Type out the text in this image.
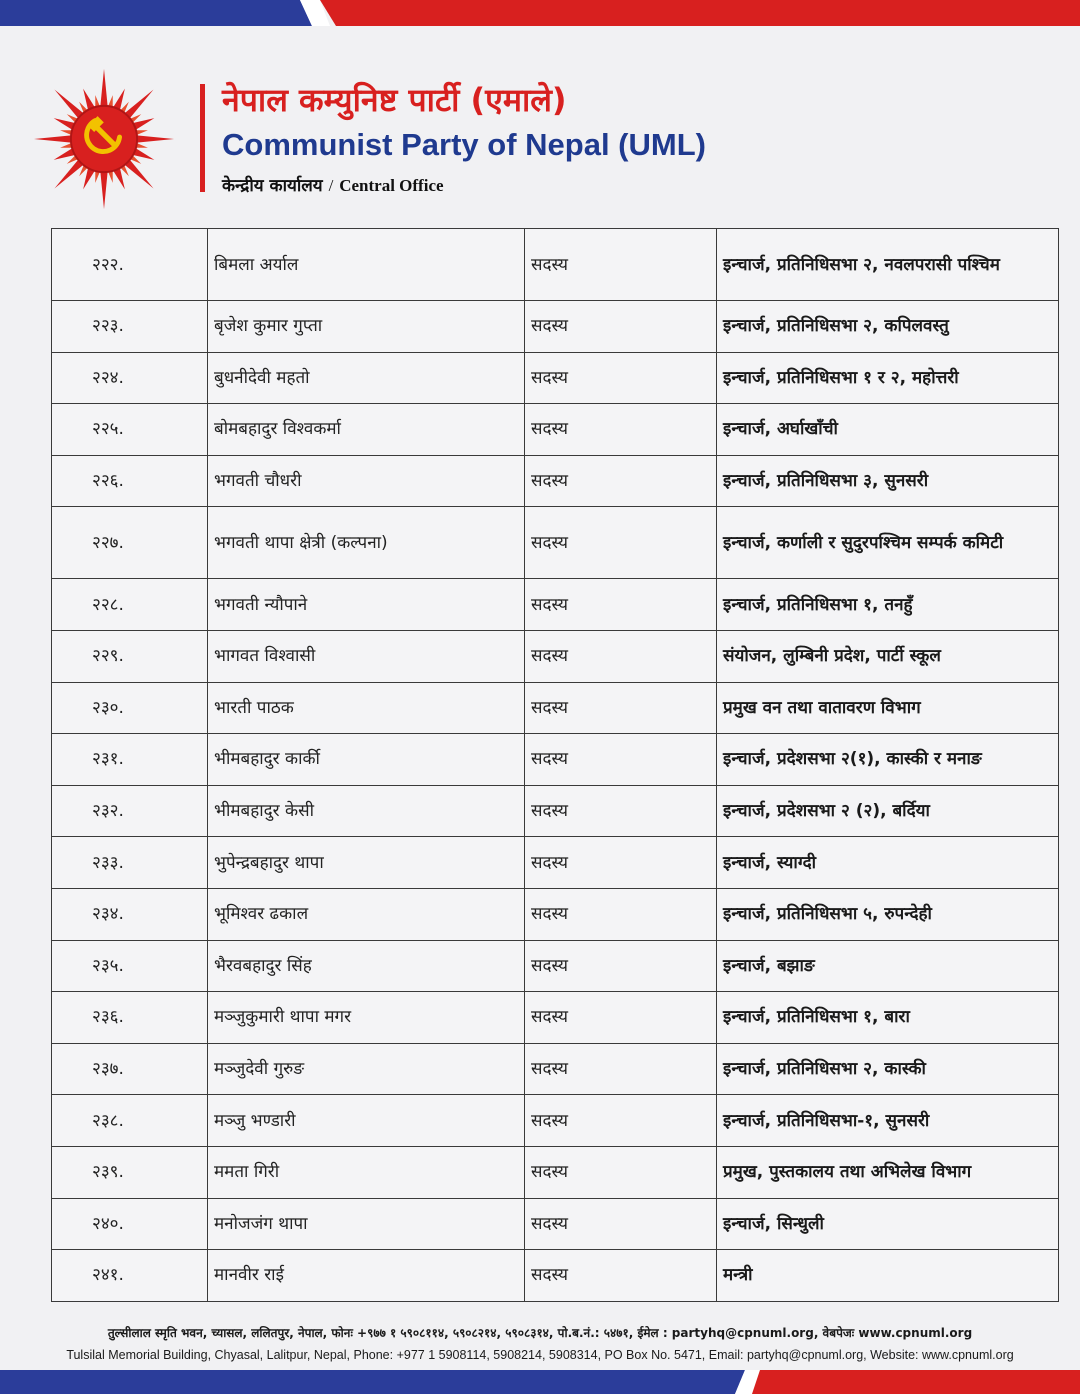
नेपाल कम्युनिष्ट पार्टी (एमाले)
Communist Party of Nepal (UML)
केन्द्रीय कार्यालय / Central Office
२२२.	बिमला अर्याल	सदस्य	इन्चार्ज, प्रतिनिधिसभा २, नवलपरासी पश्चिम
२२३.	बृजेश कुमार गुप्ता	सदस्य	इन्चार्ज, प्रतिनिधिसभा २, कपिलवस्तु
२२४.	बुधनीदेवी महतो	सदस्य	इन्चार्ज, प्रतिनिधिसभा १ र २, महोत्तरी
२२५.	बोमबहादुर विश्वकर्मा	सदस्य	इन्चार्ज, अर्घाखाँची
२२६.	भगवती चौधरी	सदस्य	इन्चार्ज, प्रतिनिधिसभा ३, सुनसरी
२२७.	भगवती थापा क्षेत्री (कल्पना)	सदस्य	इन्चार्ज, कर्णाली र सुदुरपश्चिम सम्पर्क कमिटी
२२८.	भगवती न्यौपाने	सदस्य	इन्चार्ज, प्रतिनिधिसभा १, तनहुँ
२२९.	भागवत विश्वासी	सदस्य	संयोजन, लुम्बिनी प्रदेश, पार्टी स्कूल
२३०.	भारती पाठक	सदस्य	प्रमुख वन तथा वातावरण विभाग
२३१.	भीमबहादुर कार्की	सदस्य	इन्चार्ज, प्रदेशसभा २(१), कास्की र मनाङ
२३२.	भीमबहादुर केसी	सदस्य	इन्चार्ज, प्रदेशसभा २ (२), बर्दिया
२३३.	भुपेन्द्रबहादुर थापा	सदस्य	इन्चार्ज, स्याग्दी
२३४.	भूमिश्वर ढकाल	सदस्य	इन्चार्ज, प्रतिनिधिसभा ५, रुपन्देही
२३५.	भैरवबहादुर सिंह	सदस्य	इन्चार्ज, बझाङ
२३६.	मञ्जुकुमारी थापा मगर	सदस्य	इन्चार्ज, प्रतिनिधिसभा १, बारा
२३७.	मञ्जुदेवी गुरुङ	सदस्य	इन्चार्ज, प्रतिनिधिसभा २, कास्की
२३८.	मञ्जु भण्डारी	सदस्य	इन्चार्ज, प्रतिनिधिसभा-१, सुनसरी
२३९.	ममता गिरी	सदस्य	प्रमुख, पुस्तकालय तथा अभिलेख विभाग
२४०.	मनोजजंग थापा	सदस्य	इन्चार्ज, सिन्धुली
२४१.	मानवीर राई	सदस्य	मन्त्री
तुल्सीलाल स्मृति भवन, च्यासल, ललितपुर, नेपाल, फोनः +९७७ १ ५९०८११४, ५९०८२१४, ५९०८३१४, पो.ब.नं.: ५४७१, ईमेल : partyhq@cpnuml.org, वेबपेजः www.cpnuml.org
Tulsilal Memorial Building, Chyasal, Lalitpur, Nepal, Phone: +977 1 5908114, 5908214, 5908314, PO Box No. 5471, Email: partyhq@cpnuml.org, Website: www.cpnuml.org
